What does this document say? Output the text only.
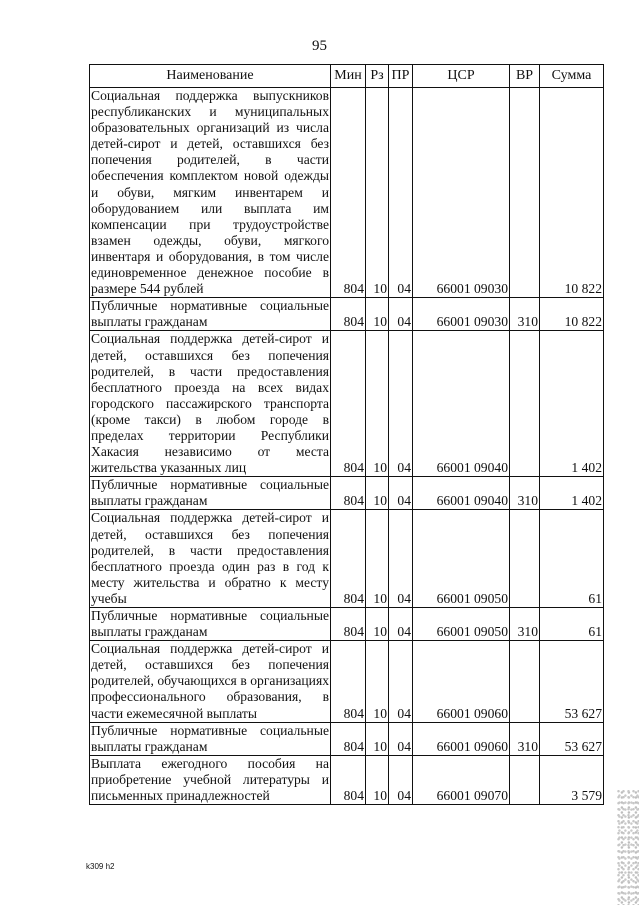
95
Наименование	Мин	Рз	ПР	ЦСР	ВР	Сумма
Социальная поддержка выпускников республиканских и муниципальных образовательных организаций из числа детей-сирот и детей, оставшихся без попечения родителей, в части обеспечения комплектом новой одежды и обуви, мягким инвентарем и оборудованием или выплата им компенсации при трудоустройстве взамен одежды, обуви, мягкого инвентаря и оборудования, в том числе единовременное денежное пособие в размере 544 рублей	804	10	04	66001 09030		10 822
Публичные нормативные социальные выплаты гражданам	804	10	04	66001 09030	310	10 822
Социальная поддержка детей-сирот и детей, оставшихся без попечения родителей, в части предоставления бесплатного проезда на всех видах городского пассажирского транспорта (кроме такси) в любом городе в пределах территории Республики Хакасия независимо от места жительства указанных лиц	804	10	04	66001 09040		1 402
Публичные нормативные социальные выплаты гражданам	804	10	04	66001 09040	310	1 402
Социальная поддержка детей-сирот и детей, оставшихся без попечения родителей, в части предоставления бесплатного проезда один раз в год к месту жительства и обратно к месту учебы	804	10	04	66001 09050		61
Публичные нормативные социальные выплаты гражданам	804	10	04	66001 09050	310	61
Социальная поддержка детей-сирот и детей, оставшихся без попечения родителей, обучающихся в организациях профессионального образования, в части ежемесячной выплаты	804	10	04	66001 09060		53 627
Публичные нормативные социальные выплаты гражданам	804	10	04	66001 09060	310	53 627
Выплата ежегодного пособия на приобретение учебной литературы и письменных принадлежностей	804	10	04	66001 09070		3 579
k309 h2
